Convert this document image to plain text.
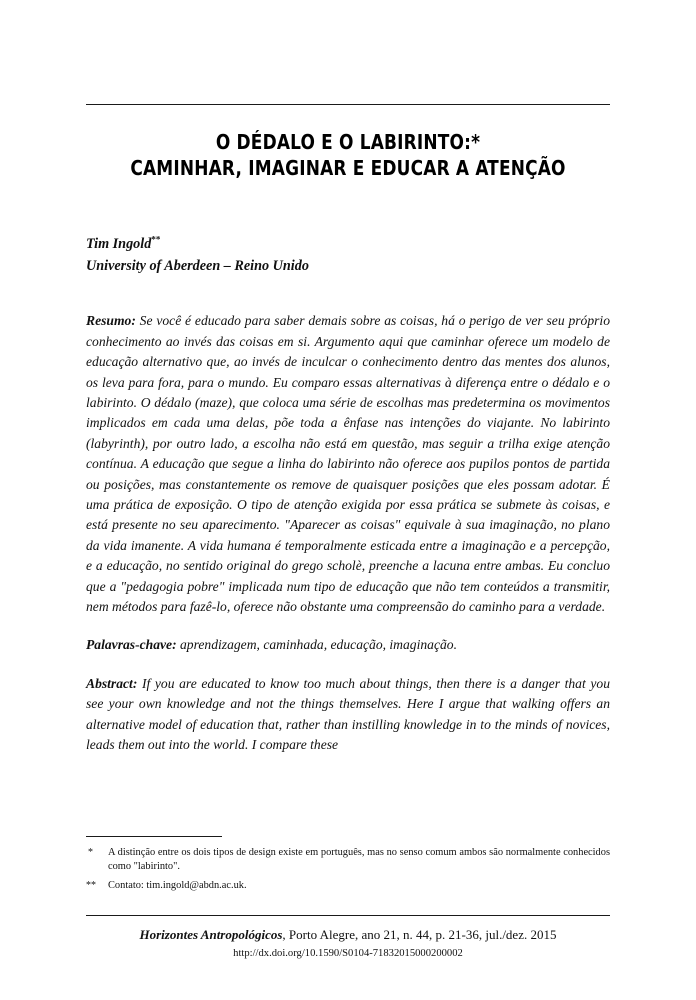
O DÉDALO E O LABIRINTO:*
CAMINHAR, IMAGINAR E EDUCAR A ATENÇÃO
Tim Ingold**
University of Aberdeen – Reino Unido

Resumo: Se você é educado para saber demais sobre as coisas, há o perigo de ver seu próprio conhecimento ao invés das coisas em si. Argumento aqui que caminhar oferece um modelo de educação alternativo que, ao invés de inculcar o conhecimento dentro das mentes dos alunos, os leva para fora, para o mundo. Eu comparo essas alternativas à diferença entre o dédalo e o labirinto. O dédalo (maze), que coloca uma série de escolhas mas predetermina os movimentos implicados em cada uma delas, põe toda a ênfase nas intenções do viajante. No labirinto (labyrinth), por outro lado, a escolha não está em questão, mas seguir a trilha exige atenção contínua. A educação que segue a linha do labirinto não oferece aos pupilos pontos de partida ou posições, mas constantemente os remove de quaisquer posições que eles possam adotar. É uma prática de exposição. O tipo de atenção exigida por essa prática se submete às coisas, e está presente no seu aparecimento. "Aparecer as coisas" equivale à sua imaginação, no plano da vida imanente. A vida humana é temporalmente esticada entre a imaginação e a percepção, e a educação, no sentido original do grego scholè, preenche a lacuna entre ambas. Eu concluo que a "pedagogia pobre" implicada num tipo de educação que não tem conteúdos a transmitir, nem métodos para fazê-lo, oferece não obstante uma compreensão do caminho para a verdade.

Palavras-chave: aprendizagem, caminhada, educação, imaginação.

Abstract: If you are educated to know too much about things, then there is a danger that you see your own knowledge and not the things themselves. Here I argue that walking offers an alternative model of education that, rather than instilling knowledge in to the minds of novices, leads them out into the world. I compare these

* A distinção entre os dois tipos de design existe em português, mas no senso comum ambos são normalmente conhecidos como "labirinto".

** Contato: tim.ingold@abdn.ac.uk.

Horizontes Antropológicos, Porto Alegre, ano 21, n. 44, p. 21-36, jul./dez. 2015
http://dx.doi.org/10.1590/S0104-71832015000200002
